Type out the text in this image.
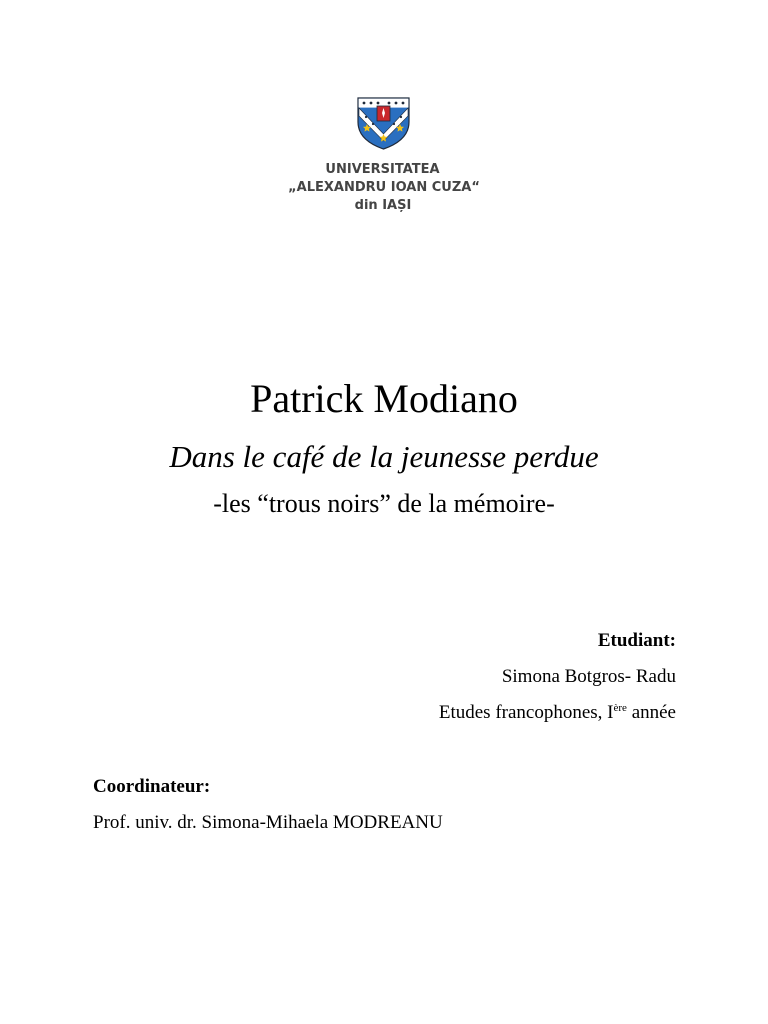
UNIVERSITATEA
„ALEXANDRU IOAN CUZA“
din IAȘI
Patrick Modiano
Dans le café de la jeunesse perdue
-les “trous noirs” de la mémoire-
Etudiant:
Simona Botgros- Radu
Etudes francophones, Ière année
Coordinateur:
Prof. univ. dr. Simona-Mihaela MODREANU
